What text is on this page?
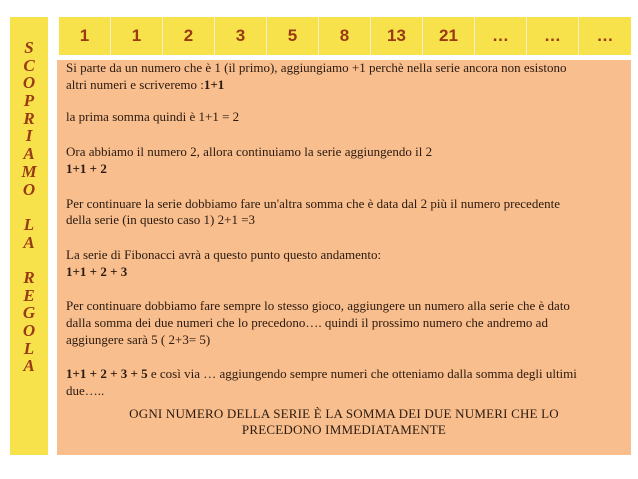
S
C
O
P
R
I
A
M
O
L
A
R
E
G
O
L
A
1	1	2	3	5	8	13	21	…	…	…

Si parte da un numero che è 1 (il primo), aggiungiamo +1 perchè nella serie ancora non esistono

altri numeri e scriveremo :1+1

la prima somma quindi è 1+1 = 2

Ora abbiamo il numero 2, allora continuiamo la serie aggiungendo il 2

1+1 + 2

Per continuare la serie dobbiamo fare un'altra somma che è data dal 2 più il numero precedente

della serie (in questo caso 1) 2+1 =3

La serie di Fibonacci avrà a questo punto questo andamento:

1+1 + 2 + 3

Per continuare dobbiamo fare sempre lo stesso gioco, aggiungere un numero alla serie che è dato

dalla somma dei due numeri che lo precedono…. quindi il prossimo numero che andremo ad

aggiungere sarà 5 ( 2+3= 5)

1+1 + 2 + 3 + 5 e così via … aggiungendo sempre numeri che otteniamo dalla somma degli ultimi

due…..

OGNI NUMERO DELLA SERIE È LA SOMMA DEI DUE NUMERI CHE LO
PRECEDONO IMMEDIATAMENTE
